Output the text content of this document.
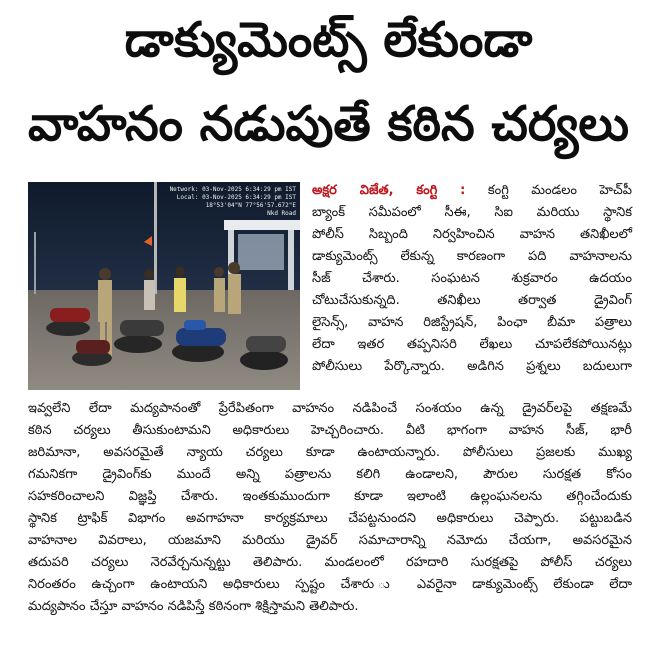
డాక్యుమెంట్స్ లేకుండా
వాహనం నడుపుతే కఠిన చర్యలు
Network: 03-Nov-2025 6:34:29 pm IST
Local: 03-Nov-2025 6:34:29 pm IST
18°53'04"N 77°56'57.672"E
Nkd Road
అక్షర విజేత, కంగ్టి : కంగ్టి మండలం హెచ్‌పీ
బ్యాంక్ సమీపంలో సీఈ, సిఐ మరియు స్థానిక
పోలీస్ సిబ్బంది నిర్వహించిన వాహన తనిఖీలలో
డాక్యుమెంట్స్ లేకున్న కారణంగా పది వాహనాలను
సీజ్ చేశారు. సంఘటన శుక్రవారం ఉదయం
చోటుచేసుకున్నది. తనిఖీలు తర్వాత డ్రైవింగ్
లైసెన్స్, వాహన రిజిస్ట్రేషన్, పింఛా బీమా పత్రాలు
లేదా ఇతర తప్పనిసరి లేఖలు చూపలేకపోయినట్లు
పోలీసులు పేర్కొన్నారు. అడిగిన ప్రశ్నలు బదులుగా
ఇవ్వలేని లేదా మద్యపానంతో ప్రేరేపితంగా వాహనం నడిపించే సంశయం ఉన్న డ్రైవర్‌లపై తక్షణమే
కఠిన చర్యలు తీసుకుంటామని అధికారులు హెచ్చరించారు. వీటి భాగంగా వాహన సీజ్, భారీ
జరిమానా, అవసరమైతే న్యాయ చర్యలు కూడా ఉంటాయన్నారు. పోలీసులు ప్రజలకు ముఖ్య
గమనికగా డ్రైవింగ్‌కు ముందే అన్ని పత్రాలను కలిగి ఉండాలని, పౌరుల సురక్షత కోసం
సహకరించాలని విజ్ఞప్తి చేశారు. ఇంతకుముందుగా కూడా ఇలాంటి ఉల్లంఘనలను తగ్గించేందుకు
స్థానిక ట్రాఫిక్ విభాగం అవగాహనా కార్యక్రమాలు చేపట్టనుందని అధికారులు చెప్పారు. పట్టుబడిన
వాహనాల వివరాలు, యజమాని మరియు డ్రైవర్ సమాచారాన్ని నమోదు చేయగా, అవసరమైన
తదుపరి చర్యలు నెరవేర్చనున్నట్టు తెలిపారు. మండలంలో రహదారి సురక్షతపై పోలీస్ చర్యలు
నిరంతరం ఉచ్చంగా ఉంటాయని అధికారులు స్పష్టం చేశారు ు ఎవరైనా డాక్యుమెంట్స్ లేకుండా లేదా
మద్యపానం చేస్తూ వాహనం నడిపిస్తే కఠినంగా శిక్షిస్తామని తెలిపారు.
